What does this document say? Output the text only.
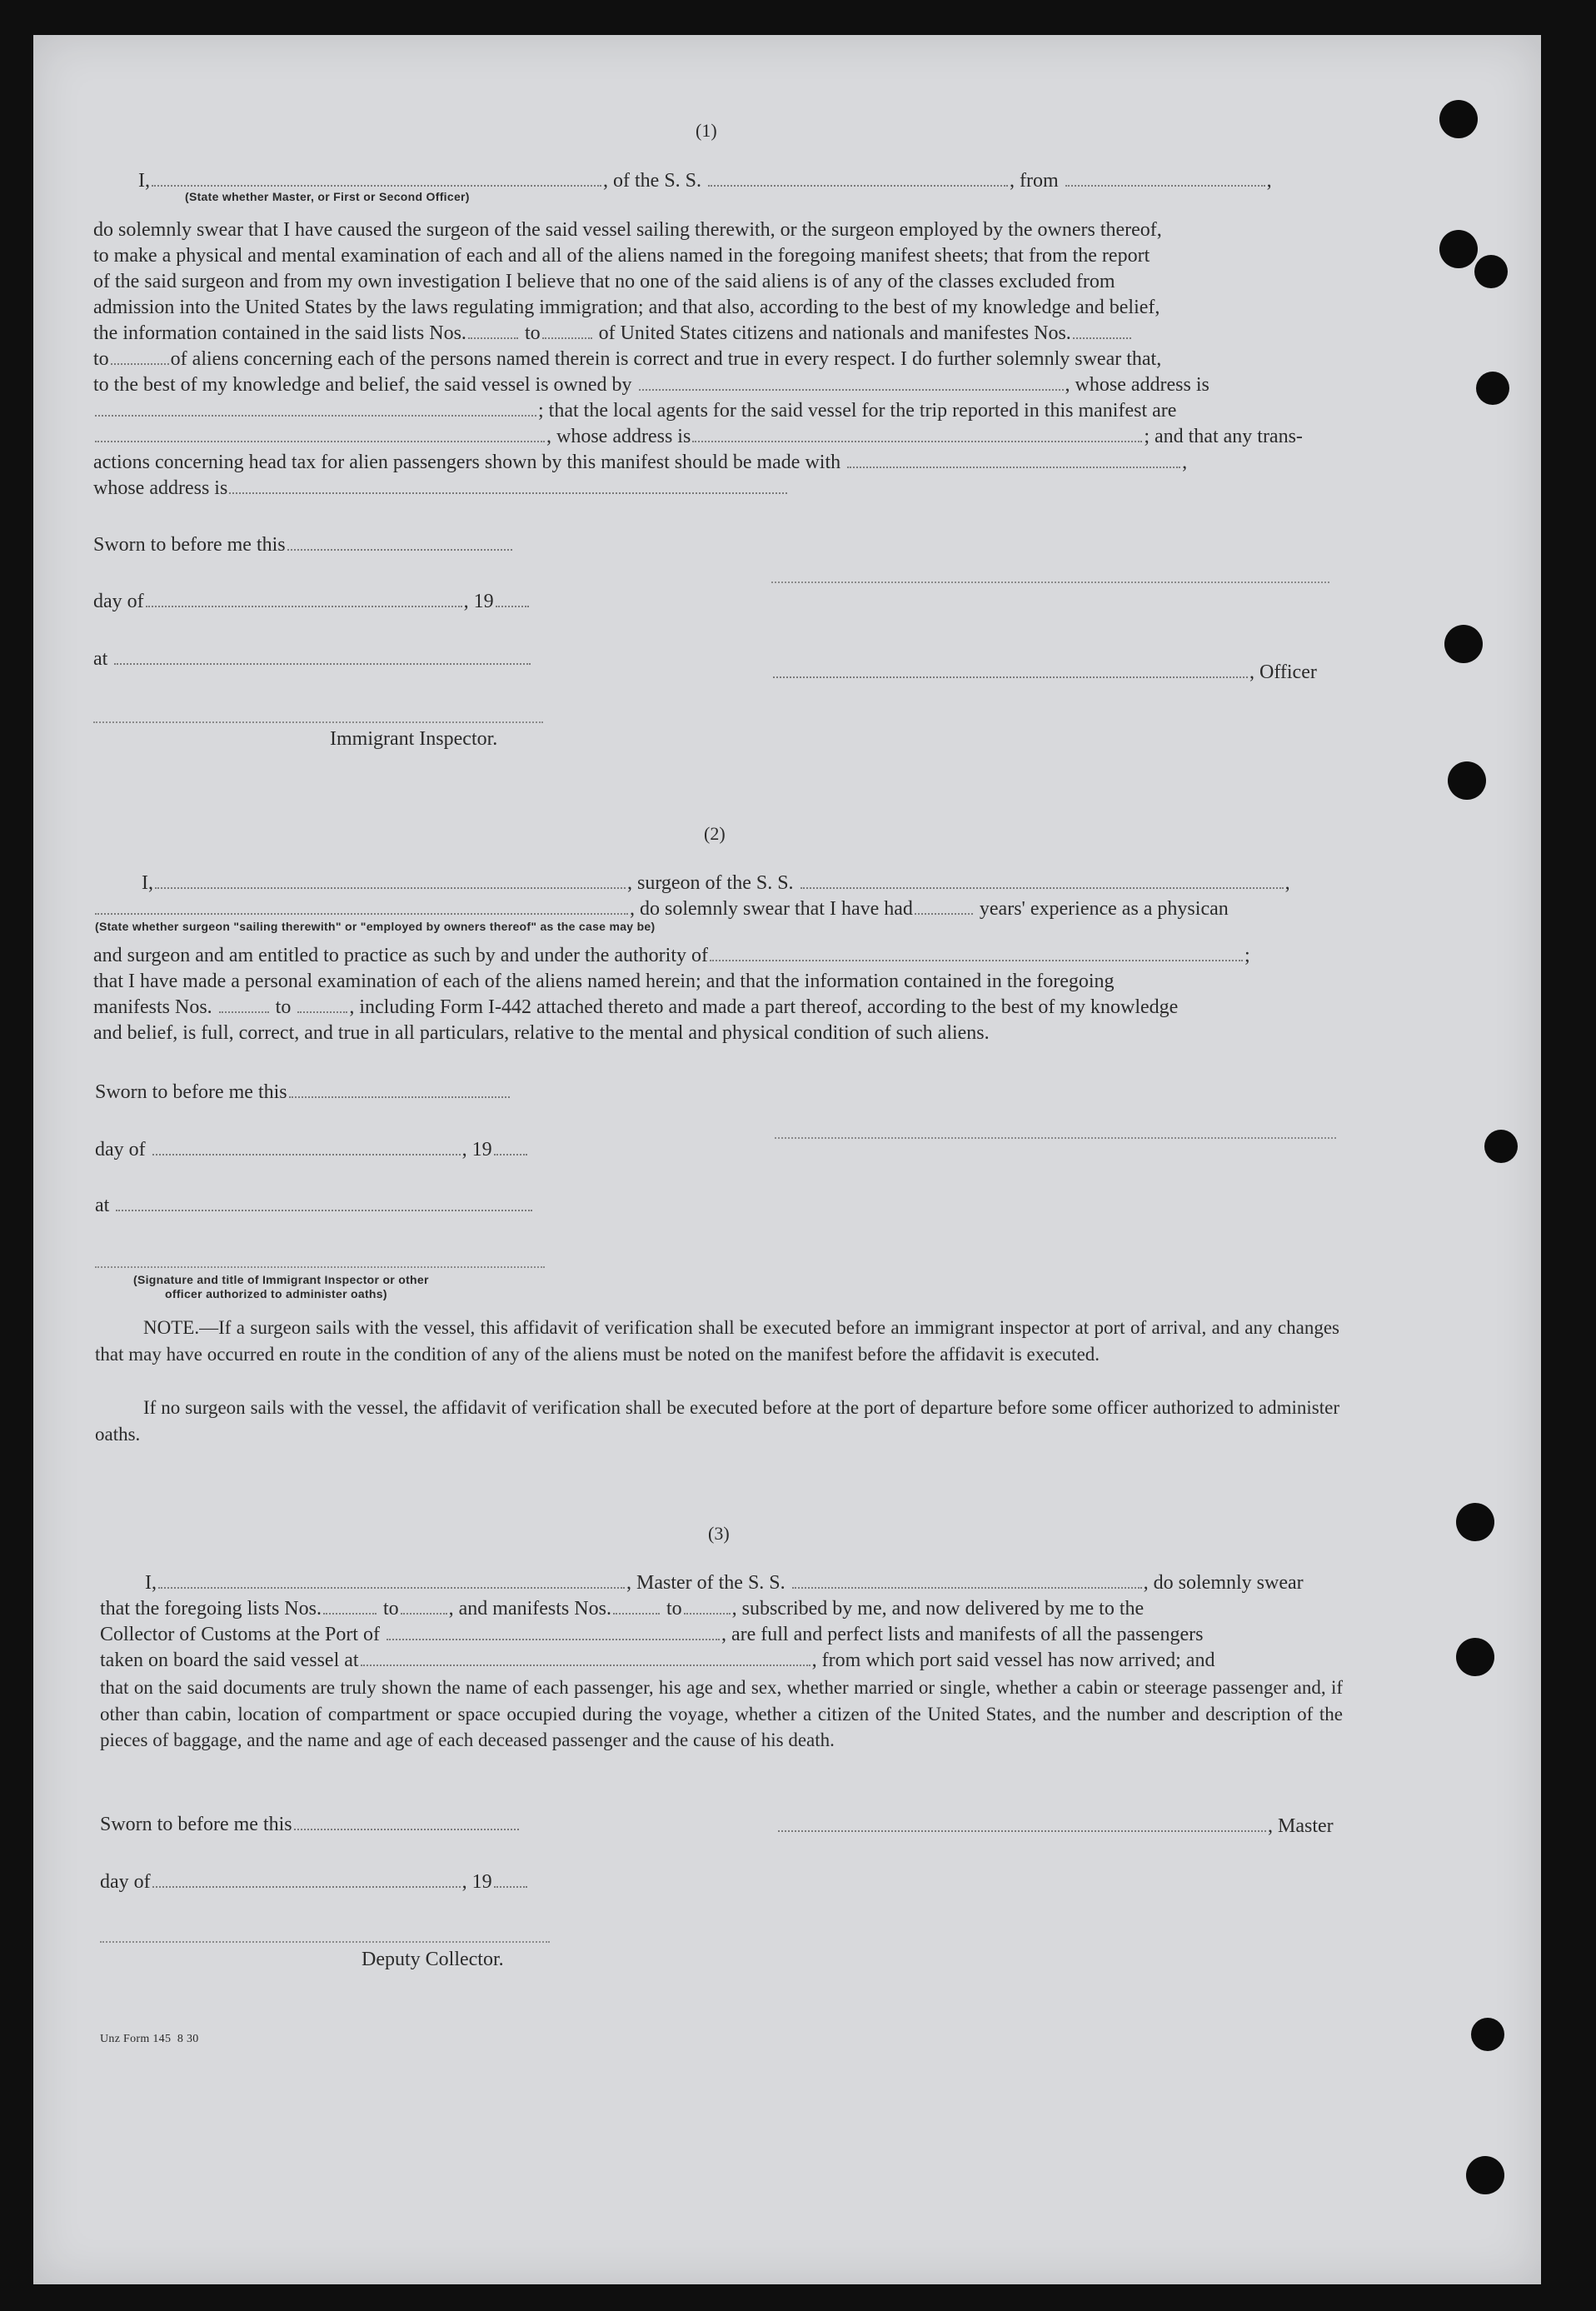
(1)
I,	, of the S. S.	, from	,
(State whether Master, or First or Second Officer)
do solemnly swear that I have caused the surgeon of the said vessel sailing therewith, or the surgeon employed by the owners thereof,
to make a physical and mental examination of each and all of the aliens named in the foregoing manifest sheets; that from the report
of the said surgeon and from my own investigation I believe that no one of the said aliens is of any of the classes excluded from
admission into the United States by the laws regulating immigration; and that also, according to the best of my knowledge and belief,
the information contained in the said lists Nos.	to	of United States citizens and nationals and manifestes Nos.
to	of aliens concerning each of the persons named therein is correct and true in every respect. I do further solemnly swear that,
to the best of my knowledge and belief, the said vessel is owned by	, whose address is
; that the local agents for the said vessel for the trip reported in this manifest are
, whose address is	; and that any trans-
actions concerning head tax for alien passengers shown by this manifest should be made with	,
whose address is
Sworn to before me this
day of	, 19
at
, Officer
Immigrant Inspector.
(2)
I,	, surgeon of the S. S.	,
, do solemnly swear that I have had	years' experience as a physican
(State whether surgeon "sailing therewith" or "employed by owners thereof" as the case may be)
and surgeon and am entitled to practice as such by and under the authority of	;
that I have made a personal examination of each of the aliens named herein; and that the information contained in the foregoing
manifests Nos.	to	, including Form I-442 attached thereto and made a part thereof, according to the best of my knowledge
and belief, is full, correct, and true in all particulars, relative to the mental and physical condition of such aliens.
Sworn to before me this
day of	, 19
at
(Signature and title of Immigrant Inspector or other
officer authorized to administer oaths)
NOTE.—If a surgeon sails with the vessel, this affidavit of verification shall be executed before an immigrant inspector at port of arrival, and any changes that may have occurred en route in the condition of any of the aliens must be noted on the manifest before the affidavit is executed.
If no surgeon sails with the vessel, the affidavit of verification shall be executed before at the port of departure before some officer authorized to administer oaths.
(3)
I,	, Master of the S. S.	, do solemnly swear
that the foregoing lists Nos.	to	, and manifests Nos.	to	, subscribed by me, and now delivered by me to the
Collector of Customs at the Port of	, are full and perfect lists and manifests of all the passengers
taken on board the said vessel at	, from which port said vessel has now arrived; and
that on the said documents are truly shown the name of each passenger, his age and sex, whether married or single, whether a cabin or steerage passenger and, if other than cabin, location of compartment or space occupied during the voyage, whether a citizen of the United States, and the number and description of the pieces of baggage, and the name and age of each deceased passenger and the cause of his death.
Sworn to before me this	, Master
day of	, 19
Deputy Collector.
Unz Form 145 8 30
